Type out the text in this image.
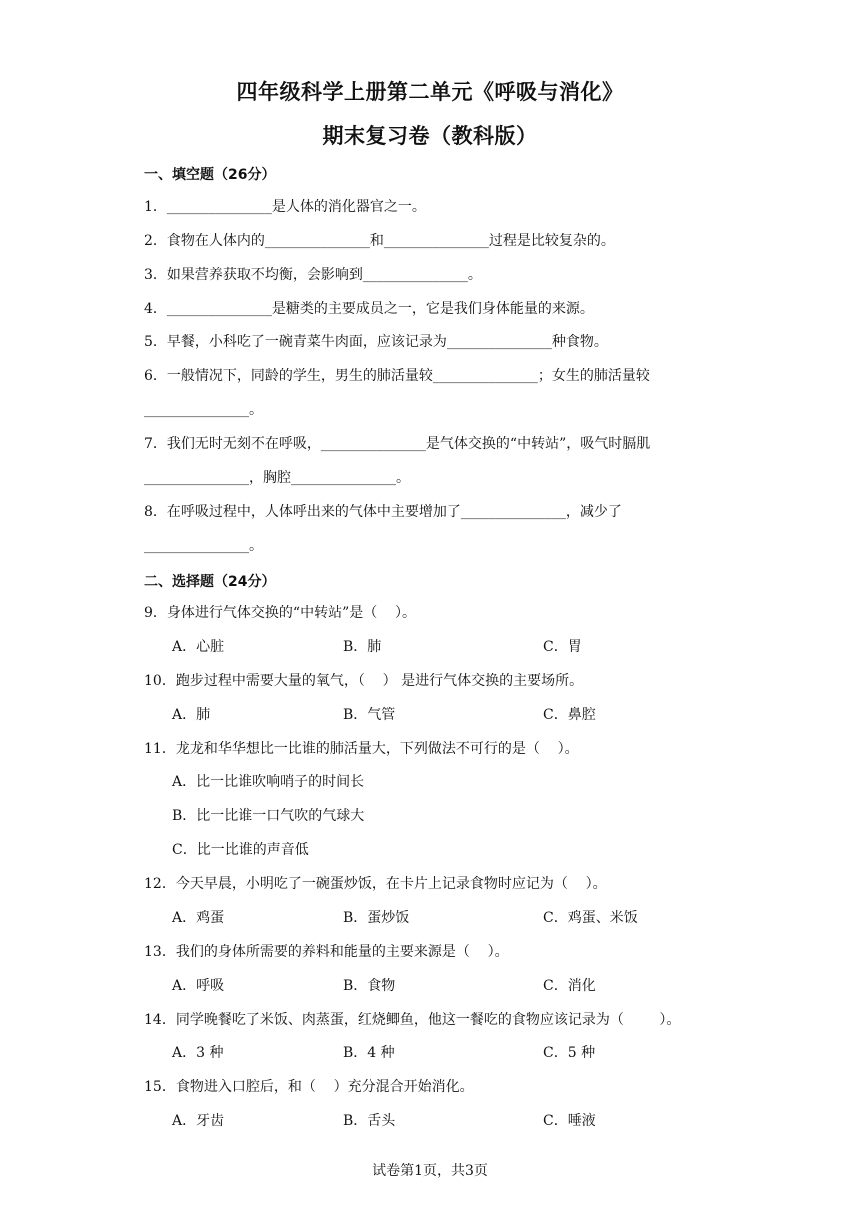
四年级科学上册第二单元《呼吸与消化》
期末复习卷（教科版）
一、填空题（26分）
1．_______________是人体的消化器官之一。
2．食物在人体内的_______________和_______________过程是比较复杂的。
3．如果营养获取不均衡，会影响到_______________。
4．_______________是糖类的主要成员之一，它是我们身体能量的来源。
5．早餐，小科吃了一碗青菜牛肉面，应该记录为_______________种食物。
6．一般情况下，同龄的学生，男生的肺活量较_______________；女生的肺活量较
_______________。
7．我们无时无刻不在呼吸，_______________是气体交换的“中转站”，吸气时膈肌
_______________，胸腔_______________。
8．在呼吸过程中，人体呼出来的气体中主要增加了_______________，减少了
_______________。
二、选择题（24分）
9．身体进行气体交换的“中转站”是（    ）。
A．心脏	B．肺	C．胃
10．跑步过程中需要大量的氧气，（    ） 是进行气体交换的主要场所。
A．肺	B．气管	C．鼻腔
11．龙龙和华华想比一比谁的肺活量大，下列做法不可行的是（    ）。
A．比一比谁吹响哨子的时间长
B．比一比谁一口气吹的气球大
C．比一比谁的声音低
12．今天早晨，小明吃了一碗蛋炒饭，在卡片上记录食物时应记为（    ）。
A．鸡蛋	B．蛋炒饭	C．鸡蛋、米饭
13．我们的身体所需要的养料和能量的主要来源是（    ）。
A．呼吸	B．食物	C．消化
14．同学晚餐吃了米饭、肉蒸蛋，红烧鲫鱼，他这一餐吃的食物应该记录为（        ）。
A．3 种	B．4 种	C．5 种
15．食物进入口腔后，和（    ）充分混合开始消化。
A．牙齿	B．舌头	C．唾液
试卷第1页，共3页
